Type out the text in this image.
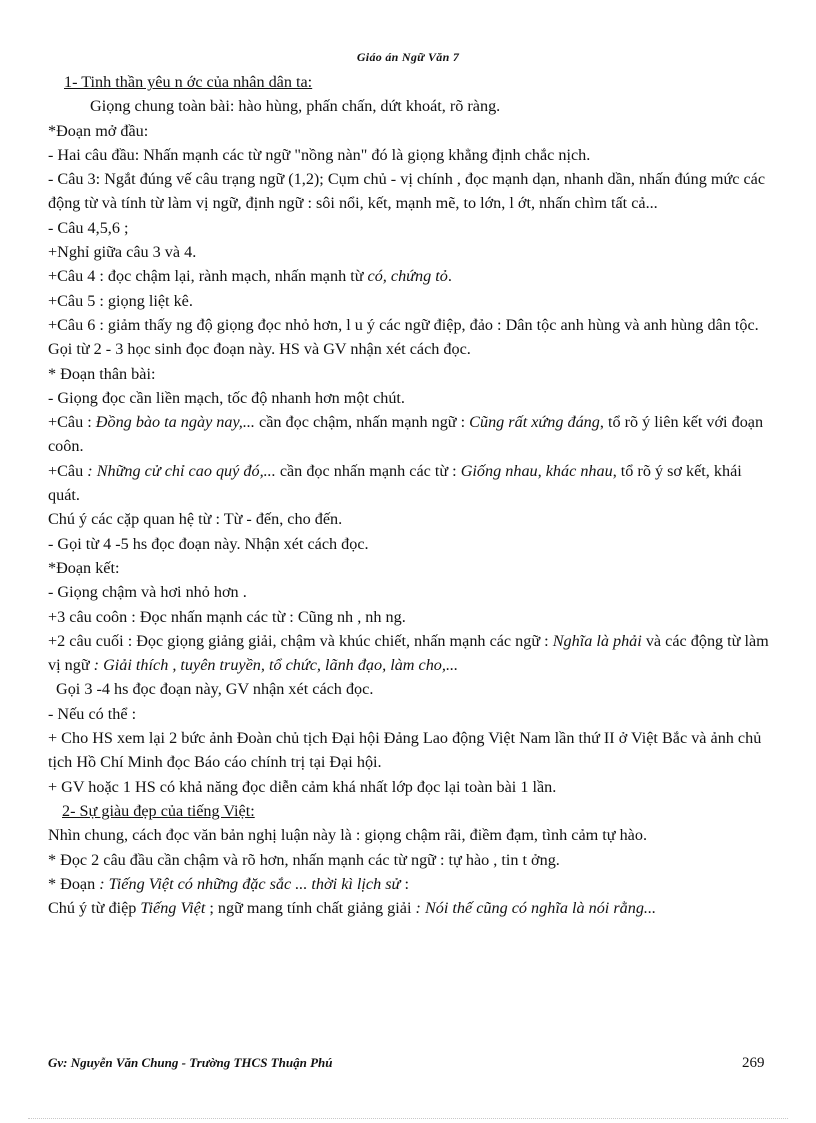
Giáo án Ngữ Văn 7

1- Tinh thần yêu n ớc của nhân dân ta:

Giọng chung toàn bài: hào hùng, phấn chấn, dứt khoát, rõ ràng.

*Đoạn mở đầu:

- Hai câu đầu: Nhấn mạnh các từ ngữ "nồng nàn" đó là giọng khẳng định chắc nịch.

- Câu 3: Ngắt đúng vế câu trạng ngữ (1,2); Cụm chủ - vị chính , đọc mạnh dạn, nhanh dần, nhấn đúng mức các động từ và tính từ làm vị ngữ, định ngữ : sôi nổi, kết, mạnh mẽ, to lớn, l ớt, nhấn chìm tất cả...

- Câu 4,5,6 ;

+Nghỉ giữa câu 3 và 4.

+Câu 4 : đọc chậm lại, rành mạch, nhấn mạnh từ có, chứng tỏ.

+Câu 5 : giọng liệt kê.

+Câu 6 : giảm thấy ng độ giọng đọc nhỏ hơn, l u ý các ngữ điệp, đảo : Dân tộc anh hùng và anh hùng dân tộc.

Gọi từ 2 - 3 học sinh đọc đoạn này. HS và GV nhận xét cách đọc.

* Đoạn thân bài:

- Giọng đọc cần liền mạch, tốc độ nhanh hơn một chút.

+Câu : Đồng bào ta ngày nay,... cần đọc chậm, nhấn mạnh ngữ : Cũng rất xứng đáng, tổ rõ ý liên kết với đoạn coôn.

+Câu : Những cử chỉ cao quý đó,... cần đọc nhấn mạnh các từ : Giống nhau, khác nhau, tổ rõ ý sơ kết, khái quát.

Chú ý các cặp quan hệ từ : Từ - đến, cho đến.

- Gọi từ 4 -5 hs đọc đoạn này. Nhận xét cách đọc.

*Đoạn kết:

- Giọng chậm và hơi nhỏ hơn .

+3 câu coôn : Đọc nhấn mạnh các từ : Cũng nh , nh ng.

+2 câu cuối : Đọc giọng giảng giải, chậm và khúc chiết, nhấn mạnh các ngữ : Nghĩa là phải và các động từ làm vị ngữ : Giải thích , tuyên truyền, tổ chức, lãnh đạo, làm cho,...

Gọi 3 -4 hs đọc đoạn này, GV nhận xét cách đọc.

- Nếu có thể :

+ Cho HS xem lại 2 bức ảnh Đoàn chủ tịch Đại hội Đảng Lao động Việt Nam lần thứ II ở Việt Bắc và ảnh chủ tịch Hồ Chí Minh đọc Báo cáo chính trị tại Đại hội.

+ GV hoặc 1 HS có khả năng đọc diễn cảm khá nhất lớp đọc lại toàn bài 1 lần.

2- Sự giàu đẹp của tiếng Việt:

Nhìn chung, cách đọc văn bản nghị luận này là : giọng chậm rãi, điềm đạm, tình cảm tự hào.

* Đọc 2 câu đầu cần chậm và rõ hơn, nhấn mạnh các từ ngữ : tự hào , tin t ởng.

* Đoạn : Tiếng Việt có những đặc sắc ... thời kì lịch sử :

Chú ý từ điệp Tiếng Việt ; ngữ mang tính chất giảng giải : Nói thế cũng có nghĩa là nói rằng...

Gv: Nguyễn Văn Chung - Trường THCS Thuận Phú	269
